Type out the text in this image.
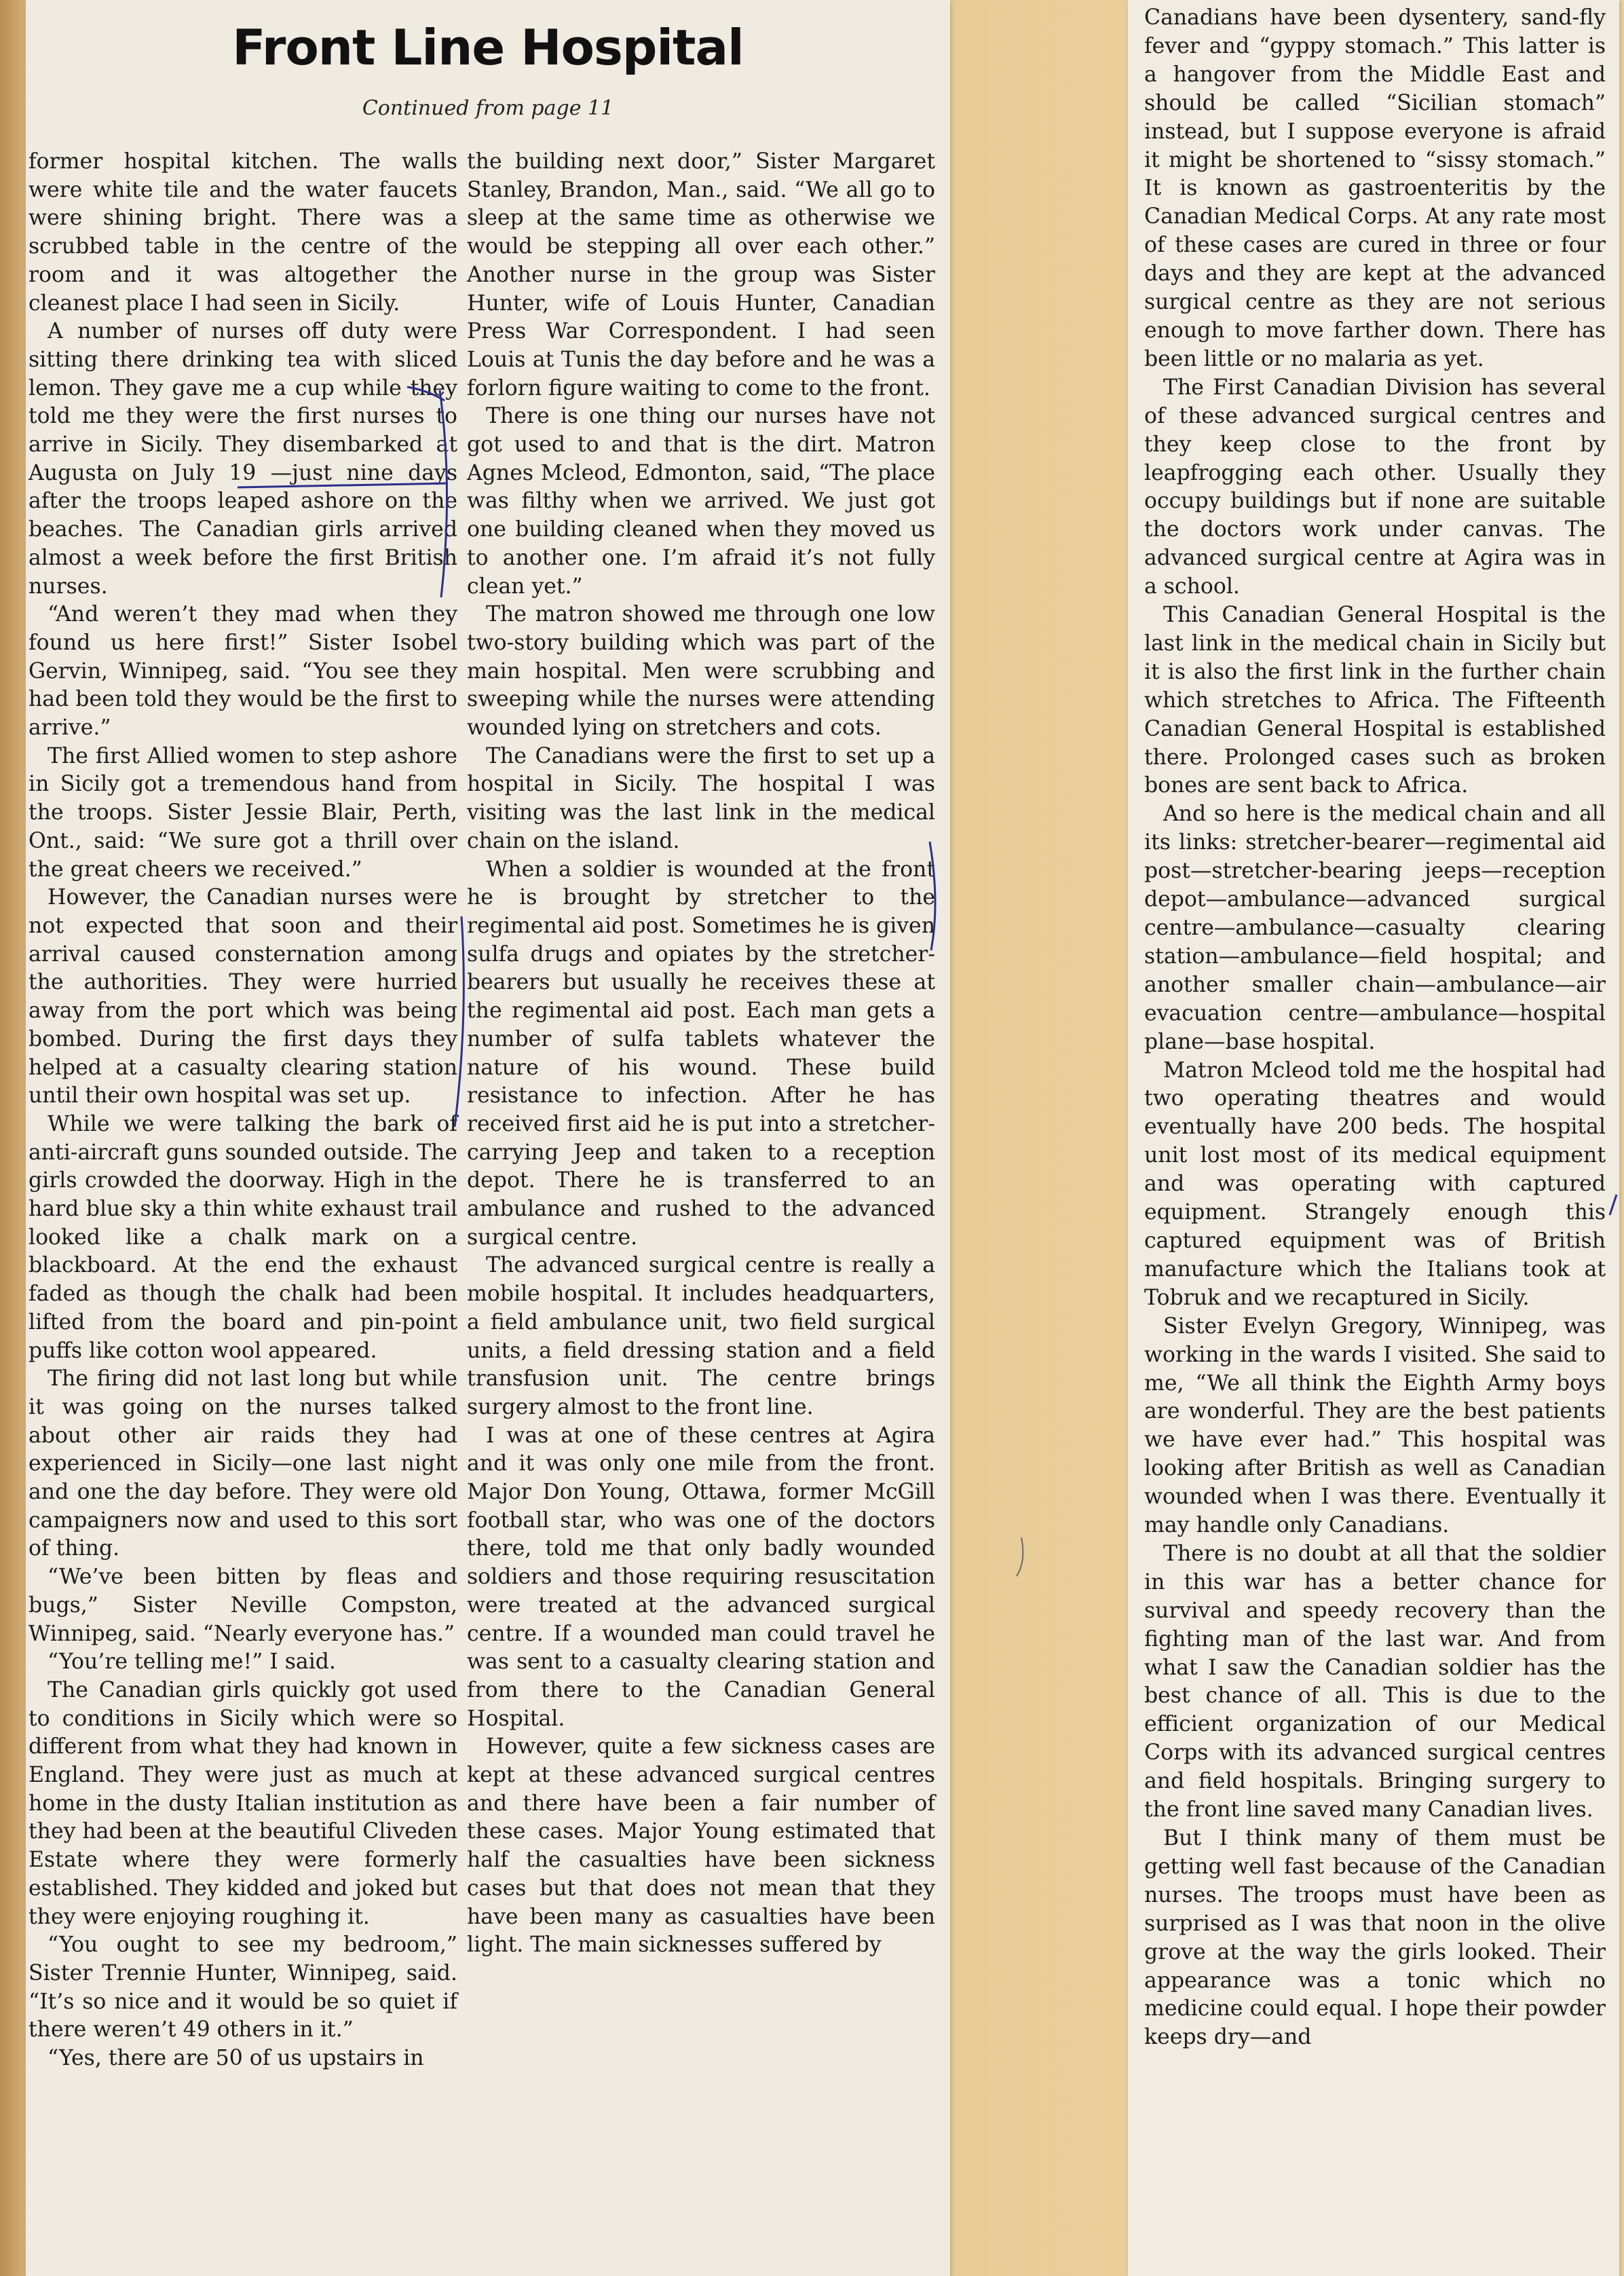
Front Line Hospital
Continued from page 11

former hospital kitchen. The walls were white tile and the water faucets were shining bright. There was a scrubbed table in the centre of the room and it was altogether the cleanest place I had seen in Sicily.

A number of nurses off duty were sitting there drinking tea with sliced lemon. They gave me a cup while they told me they were the first nurses to arrive in Sicily. They disembarked at Augusta on July 19 —just nine days after the troops leaped ashore on the beaches. The Canadian girls arrived almost a week before the first British nurses.

“And weren’t they mad when they found us here first!” Sister Isobel Gervin, Winnipeg, said. “You see they had been told they would be the first to arrive.”

The first Allied women to step ashore in Sicily got a tremendous hand from the troops. Sister Jessie Blair, Perth, Ont., said: “We sure got a thrill over the great cheers we received.”

However, the Canadian nurses were not expected that soon and their arrival caused consternation among the authorities. They were hurried away from the port which was being bombed. During the first days they helped at a casualty clearing station until their own hospital was set up.

While we were talking the bark of anti-aircraft guns sounded outside. The girls crowded the doorway. High in the hard blue sky a thin white exhaust trail looked like a chalk mark on a blackboard. At the end the exhaust faded as though the chalk had been lifted from the board and pin-point puffs like cotton wool appeared.

The firing did not last long but while it was going on the nurses talked about other air raids they had experienced in Sicily—one last night and one the day before. They were old campaigners now and used to this sort of thing.

“We’ve been bitten by fleas and bugs,” Sister Neville Compston, Winnipeg, said. “Nearly everyone has.”

“You’re telling me!” I said.

The Canadian girls quickly got used to conditions in Sicily which were so different from what they had known in England. They were just as much at home in the dusty Italian institution as they had been at the beautiful Cliveden Estate where they were formerly established. They kidded and joked but they were enjoying roughing it.

“You ought to see my bedroom,” Sister Trennie Hunter, Winnipeg, said. “It’s so nice and it would be so quiet if there weren’t 49 others in it.”

“Yes, there are 50 of us upstairs in

the building next door,” Sister Margaret Stanley, Brandon, Man., said. “We all go to sleep at the same time as otherwise we would be stepping all over each other.” Another nurse in the group was Sister Hunter, wife of Louis Hunter, Canadian Press War Correspondent. I had seen Louis at Tunis the day before and he was a forlorn figure waiting to come to the front.

There is one thing our nurses have not got used to and that is the dirt. Matron Agnes Mcleod, Edmonton, said, “The place was filthy when we arrived. We just got one building cleaned when they moved us to another one. I’m afraid it’s not fully clean yet.”

The matron showed me through one low two-story building which was part of the main hospital. Men were scrubbing and sweeping while the nurses were attending wounded lying on stretchers and cots.

The Canadians were the first to set up a hospital in Sicily. The hospital I was visiting was the last link in the medical chain on the island.

When a soldier is wounded at the front he is brought by stretcher to the regimental aid post. Sometimes he is given sulfa drugs and opiates by the stretcher-bearers but usually he receives these at the regimental aid post. Each man gets a number of sulfa tablets whatever the nature of his wound. These build resistance to infection. After he has received first aid he is put into a stretcher-carrying Jeep and taken to a reception depot. There he is transferred to an ambulance and rushed to the advanced surgical centre.

The advanced surgical centre is really a mobile hospital. It includes headquarters, a field ambulance unit, two field surgical units, a field dressing station and a field transfusion unit. The centre brings surgery almost to the front line.

I was at one of these centres at Agira and it was only one mile from the front. Major Don Young, Ottawa, former McGill football star, who was one of the doctors there, told me that only badly wounded soldiers and those requiring resuscitation were treated at the advanced surgical centre. If a wounded man could travel he was sent to a casualty clearing station and from there to the Canadian General Hospital.

However, quite a few sickness cases are kept at these advanced surgical centres and there have been a fair number of these cases. Major Young estimated that half the casualties have been sickness cases but that does not mean that they have been many as casualties have been light. The main sicknesses suffered by

Canadians have been dysentery, sand-fly fever and “gyppy stomach.” This latter is a hangover from the Middle East and should be called “Sicilian stomach” instead, but I suppose everyone is afraid it might be shortened to “sissy stomach.” It is known as gastroenteritis by the Canadian Medical Corps. At any rate most of these cases are cured in three or four days and they are kept at the advanced surgical centre as they are not serious enough to move farther down. There has been little or no malaria as yet.

The First Canadian Division has several of these advanced surgical centres and they keep close to the front by leapfrogging each other. Usually they occupy buildings but if none are suitable the doctors work under canvas. The advanced surgical centre at Agira was in a school.

This Canadian General Hospital is the last link in the medical chain in Sicily but it is also the first link in the further chain which stretches to Africa. The Fifteenth Canadian General Hospital is established there. Prolonged cases such as broken bones are sent back to Africa.

And so here is the medical chain and all its links: stretcher-bearer—regimental aid post—stretcher-bearing jeeps—reception depot—ambulance—advanced surgical centre—ambulance—casualty clearing station—ambulance—field hospital; and another smaller chain—ambulance—air evacuation centre—ambulance—hospital plane—base hospital.

Matron Mcleod told me the hospital had two operating theatres and would eventually have 200 beds. The hospital unit lost most of its medical equipment and was operating with captured equipment. Strangely enough this captured equipment was of British manufacture which the Italians took at Tobruk and we recaptured in Sicily.

Sister Evelyn Gregory, Winnipeg, was working in the wards I visited. She said to me, “We all think the Eighth Army boys are wonderful. They are the best patients we have ever had.” This hospital was looking after British as well as Canadian wounded when I was there. Eventually it may handle only Canadians.

There is no doubt at all that the soldier in this war has a better chance for survival and speedy recovery than the fighting man of the last war. And from what I saw the Canadian soldier has the best chance of all. This is due to the efficient organization of our Medical Corps with its advanced surgical centres and field hospitals. Bringing surgery to the front line saved many Canadian lives.

But I think many of them must be getting well fast because of the Canadian nurses. The troops must have been as surprised as I was that noon in the olive grove at the way the girls looked. Their appearance was a tonic which no medicine could equal. I hope their powder keeps dry—and
